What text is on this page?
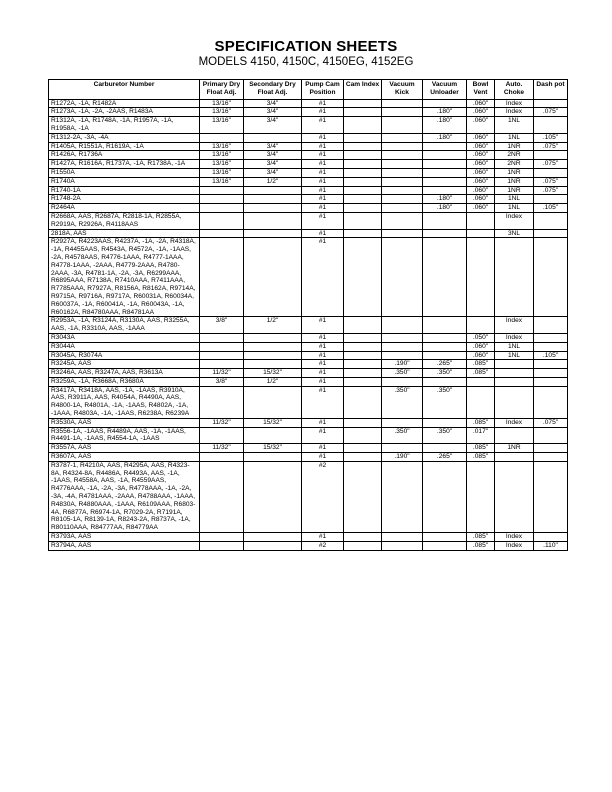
SPECIFICATION SHEETS
MODELS 4150, 4150C, 4150EG, 4152EG
Carburetor Number	Primary Dry Float Adj.	Secondary Dry Float Adj.	Pump Cam Position	Cam Index	Vacuum Kick	Vacuum Unloader	Bowl Vent	Auto. Choke	Dash pot
R1272A, -1A, R1482A	13/16"	3/4"	#1				.060"	Index	
R1273A, -1A, -2A, -2AAS, R1483A	13/16"	3/4"	#1			.180"	.060"	Index	.075"
R1312A, -1A, R1748A, -1A, R1957A, -1A, R1958A, -1A	13/16"	3/4"	#1			.180"	.060"	1NL	
R1312-2A, -3A, -4A			#1			.180"	.060"	1NL	.105"
R1405A, R1551A, R1619A, -1A	13/16"	3/4"	#1				.060"	1NR	.075"
R1426A, R1736A	13/16"	3/4"	#1				.060"	2NR	
R1427A, R1616A, R1737A, -1A, R1738A, -1A	13/16"	3/4"	#1				.060"	2NR	.075"
R1550A	13/16"	3/4"	#1				.060"	1NR	
R1740A	13/16"	1/2"	#1				.060"	1NR	.075"
R1740-1A			#1				.060"	1NR	.075"
R1748-2A			#1			.180"	.060"	1NL	
R2464A			#1			.180"	.060"	1NL	.105"
R2668A, AAS, R2687A, R2818-1A, R2855A, R2919A, R2926A, R4118AAS			#1					Index	
2818A, AAS			#1					3NL	
R2927A, R4223AAS, R4237A, -1A, -2A, R4318A, -1A, R4455AAS, R4543A, R4572A, -1A, -1AAS, -2A, R4578AAS, R4776-1AAA, R4777-1AAA, R4778-1AAA, -2AAA, R4779-2AAA, R4780-2AAA, -3A, R4781-1A, -2A, -3A, R6299AAA, R6895AAA, R7138A, R7410AAA, R7411AAA, R7785AAA, R7927A, R8156A, R8162A, R9714A, R9715A, R9716A, R9717A, R60031A, R60034A, R60037A, -1A, R60041A, -1A, R60043A, -1A, R60162A, R84780AAA, R84781AA			#1						
R2953A, -1A, R3124A, R3130A, AAS, R3255A, AAS, -1A, R3310A, AAS, -1AAA	3/8"	1/2"	#1					Index	
R3043A			#1				.050"	Index	
R3044A			#1				.060"	1NL	
R3045A, R3074A			#1				.060"	1NL	.105"
R3245A, AAS			#1		.190"	.265"	.085"		
R3246A, AAS, R3247A, AAS, R3613A	11/32"	15/32"	#1		.350"	.350"	.085"		
R3259A, -1A, R3668A, R3680A	3/8"	1/2"	#1						
R3417A, R3418A, AAS, -1A, -1AAS, R3910A, AAS, R3911A, AAS, R4054A, R4490A, AAS, R4800-1A, R4801A, -1A, -1AAS, R4802A, -1A, -1AAA, R4803A, -1A, -1AAS, R6238A, R6239A			#1		.350"	.350"			
R3530A, AAS	11/32"	15/32"	#1				.085"	Index	.075"
R3556-1A, -1AAS, R4489A, AAS, -1A, -1AAS, R4491-1A, -1AAS, R4554-1A, -1AAS			#1		.350"	.350"	.017"		
R3557A, AAS	11/32"	15/32"	#1				.085"	1NR	
R3607A, AAS			#1		.190"	.265"	.085"		
R3787-1, R4210A, AAS, R4295A, AAS, R4323-8A, R4324-8A, R4486A, R4493A, AAS, -1A, -1AAS, R4558A, AAS, -1A, R4559AAS, R4776AAA, -1A, -2A, -3A, R4778AAA, -1A, -2A, -3A, -4A, R4781AAA, -2AAA, R4788AAA, -1AAA, R4830A, R4880AAA, -1AAA, R6109AAA, R6803-4A, R6877A, R6974-1A, R7029-2A, R7191A, R8105-1A, R8139-1A, R8243-2A, R8737A, -1A, R80110AAA, R84777AA, R84779AA			#2						
R3793A, AAS			#1				.085"	Index	
R3794A, AAS			#2				.085"	Index	.110"
